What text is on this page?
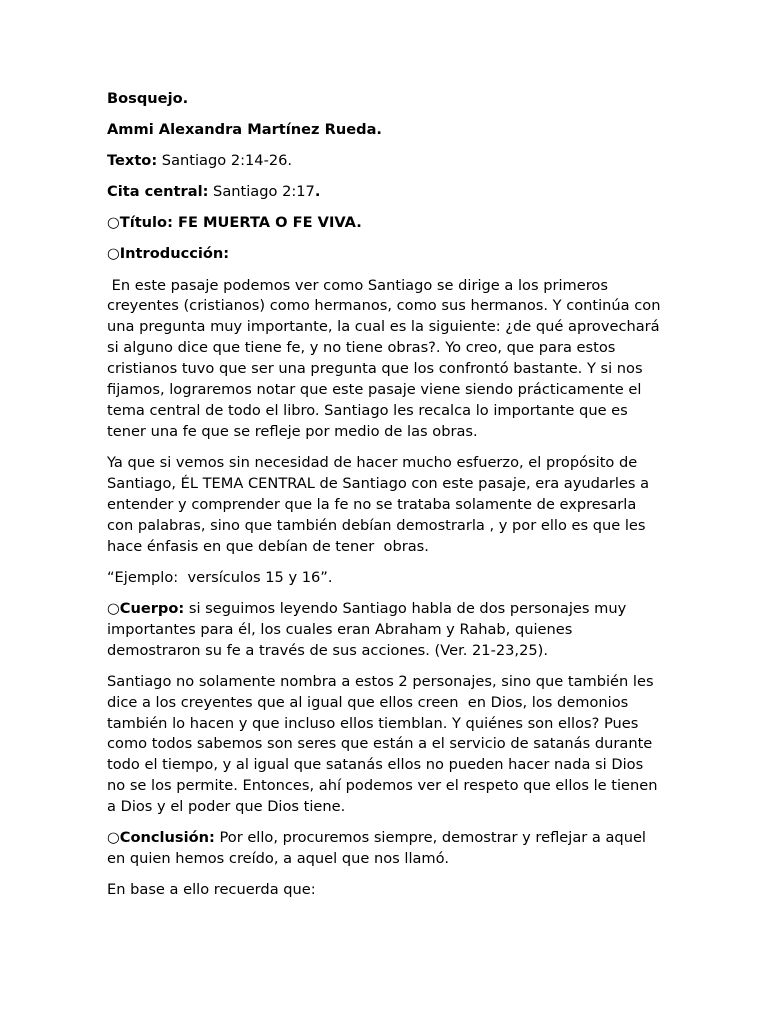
Bosquejo.

Ammi Alexandra Martínez Rueda.

Texto: Santiago 2:14-26.

Cita central: Santiago 2:17.

○Título: FE MUERTA O FE VIVA.

○Introducción:

En este pasaje podemos ver como Santiago se dirige a los primeros creyentes (cristianos) como hermanos, como sus hermanos. Y continúa con una pregunta muy importante, la cual es la siguiente: ¿de qué aprovechará si alguno dice que tiene fe, y no tiene obras?. Yo creo, que para estos cristianos tuvo que ser una pregunta que los confrontó bastante. Y si nos fijamos, lograremos notar que este pasaje viene siendo prácticamente el tema central de todo el libro. Santiago les recalca lo importante que es tener una fe que se refleje por medio de las obras.

Ya que si vemos sin necesidad de hacer mucho esfuerzo, el propósito de Santiago, ÉL TEMA CENTRAL de Santiago con este pasaje, era ayudarles a entender y comprender que la fe no se trataba solamente de expresarla con palabras, sino que también debían demostrarla , y por ello es que les hace énfasis en que debían de tener  obras.

“Ejemplo:  versículos 15 y 16”.

○Cuerpo: si seguimos leyendo Santiago habla de dos personajes muy importantes para él, los cuales eran Abraham y Rahab, quienes demostraron su fe a través de sus acciones. (Ver. 21-23,25).

Santiago no solamente nombra a estos 2 personajes, sino que también les dice a los creyentes que al igual que ellos creen  en Dios, los demonios también lo hacen y que incluso ellos tiemblan. Y quiénes son ellos? Pues como todos sabemos son seres que están a el servicio de satanás durante todo el tiempo, y al igual que satanás ellos no pueden hacer nada si Dios no se los permite. Entonces, ahí podemos ver el respeto que ellos le tienen a Dios y el poder que Dios tiene.

○Conclusión: Por ello, procuremos siempre, demostrar y reflejar a aquel en quien hemos creído, a aquel que nos llamó.

En base a ello recuerda que:
